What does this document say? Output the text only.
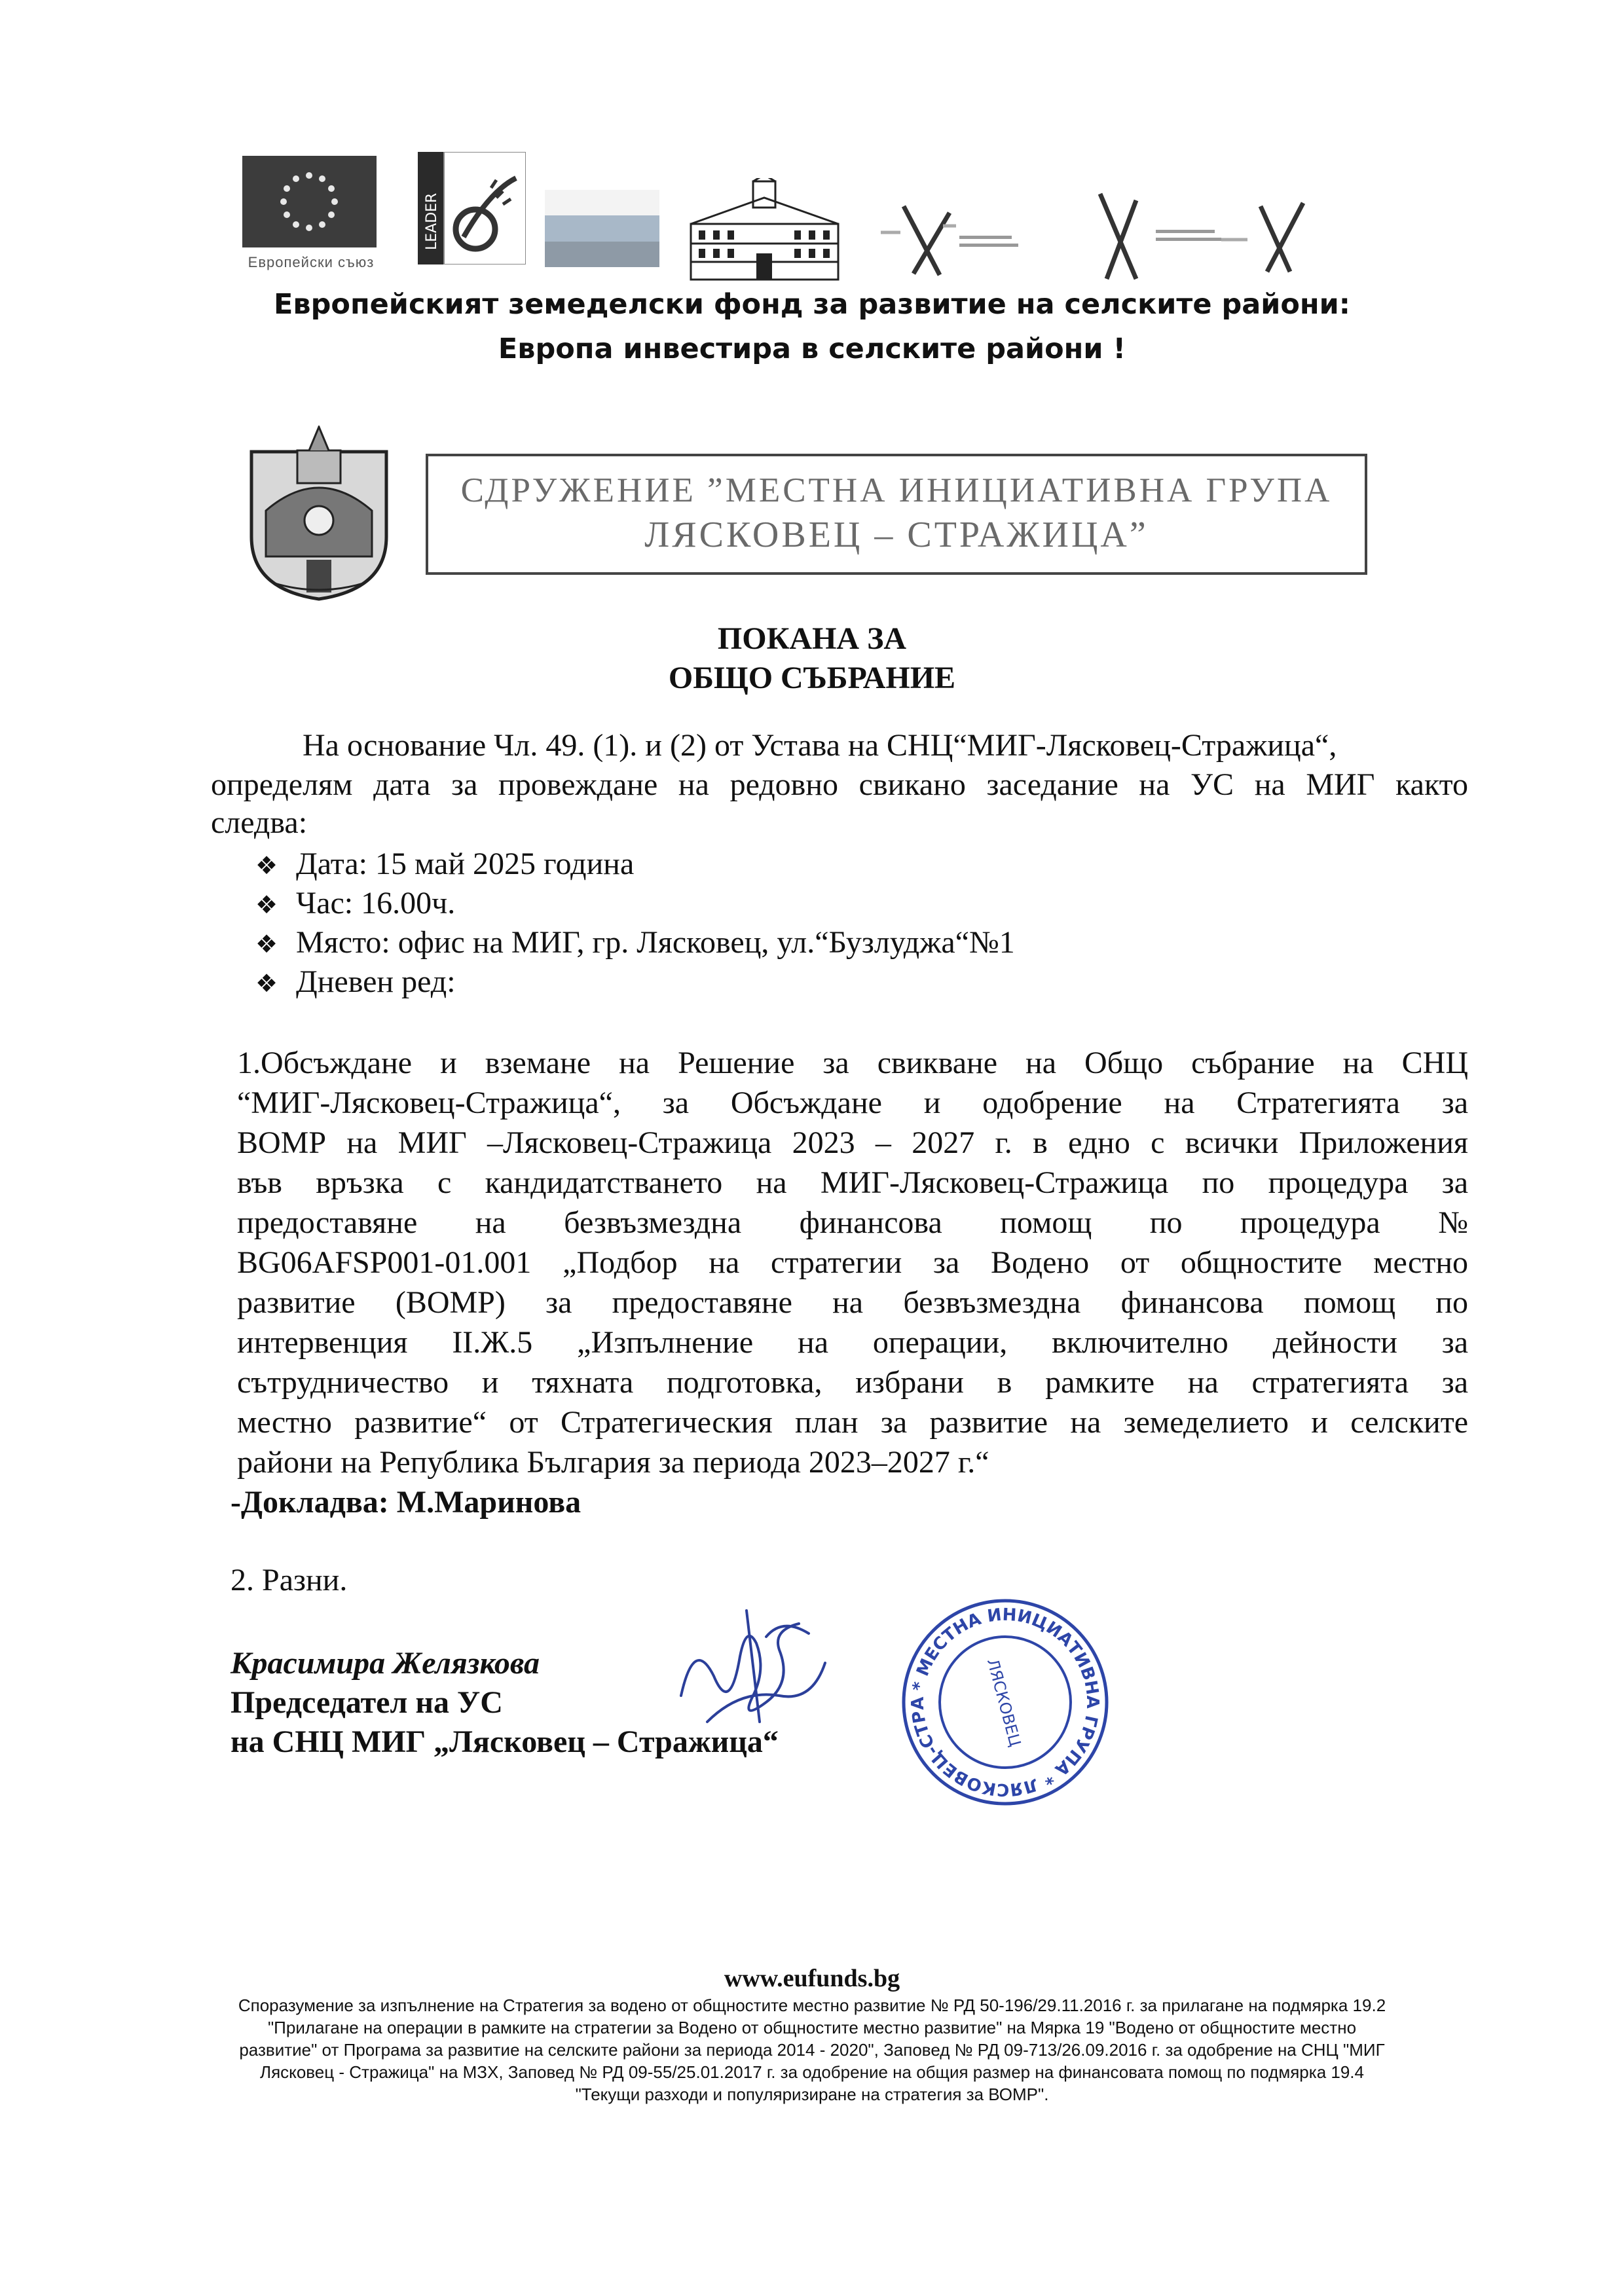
Европейски съюз
LEADER
Европейският земеделски фонд за развитие на селските райони:
Европа инвестира в селските райони !
СДРУЖЕНИЕ ”МЕСТНА ИНИЦИАТИВНА ГРУПА
ЛЯСКОВЕЦ – СТРАЖИЦА”
ПОКАНА ЗА
ОБЩО СЪБРАНИЕ
На основание Чл. 49. (1). и (2) от Устава на СНЦ“МИГ-Лясковец-Стражица“,
определям дата за провеждане на редовно свикано заседание на УС на МИГ както
следва:
❖ Дата: 15 май 2025 година
❖ Час: 16.00ч.
❖ Място: офис на МИГ, гр. Лясковец, ул.“Бузлуджа“№1
❖ Дневен ред:
1.Обсъждане и вземане на Решение за свикване на Общо събрание на СНЦ
“МИГ-Лясковец-Стражица“, за Обсъждане и одобрение на Стратегията за
ВОМР на МИГ –Лясковец-Стражица 2023 – 2027 г. в едно с всички Приложения
във връзка с кандидатстването на МИГ-Лясковец-Стражица по процедура за
предоставяне на безвъзмездна финансова помощ по процедура №
BG06AFSP001-01.001 „Подбор на стратегии за Водено от общностите местно
развитие (ВОМР) за предоставяне на безвъзмездна финансова помощ по
интервенция II.Ж.5 „Изпълнение на операции, включително дейности за
сътрудничество и тяхната подготовка, избрани в рамките на стратегията за
местно развитие“ от Стратегическия план за развитие на земеделието и селските
райони на Република България за периода 2023–2027 г.“
-Докладва: М.Маринова
2. Разни.
Красимира Желязкова
Председател на УС
на СНЦ МИГ „Лясковец – Стражица“
* МЕСТНА ИНИЦИАТИВНА ГРУПА * ЛЯСКОВЕЦ-СТРА	ЛЯСКОВЕЦ
www.eufunds.bg
Споразумение за изпълнение на Стратегия за водено от общностите местно развитие № РД 50-196/29.11.2016 г. за прилагане на подмярка 19.2
"Прилагане на операции в рамките на стратегии за Водено от общностите местно развитие" на Мярка 19 "Водено от общностите местно
развитие" от Програма за развитие на селските райони за периода 2014 - 2020", Заповед № РД 09-713/26.09.2016 г. за одобрение на СНЦ "МИГ
Лясковец - Стражица" на МЗХ, Заповед № РД 09-55/25.01.2017 г. за одобрение на общия размер на финансовата помощ по подмярка 19.4
"Текущи разходи и популяризиране на стратегия за ВОМР".
